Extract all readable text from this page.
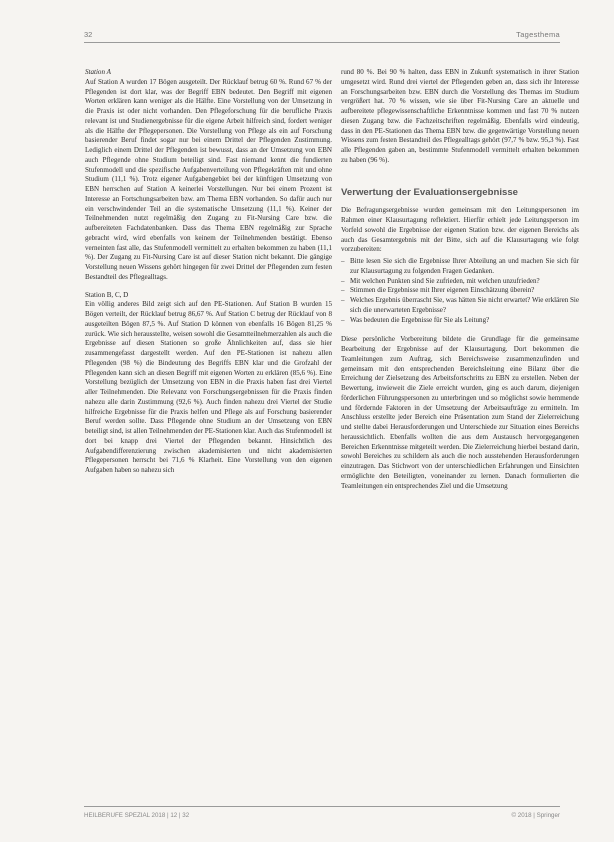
32	Tagesthema

Station A

Auf Station A wurden 17 Bögen ausgeteilt. Der Rücklauf betrug 60 %. Rund 67 % der Pflegenden ist dort klar, was der Begriff EBN bedeutet. Den Begriff mit eigenen Worten erklären kann weniger als die Hälfte. Eine Vorstellung von der Umsetzung in die Praxis ist oder nicht vorhanden. Den Pflegeforschung für die berufliche Praxis relevant ist und Studienergebnisse für die eigene Arbeit hilfreich sind, fordert weniger als die Hälfte der Pflegepersonen. Die Vorstellung von Pflege als ein auf Forschung basierender Beruf findet sogar nur bei einem Drittel der Pflegenden Zustimmung. Lediglich einem Drittel der Pflegenden ist bewusst, dass an der Umsetzung von EBN auch Pflegende ohne Studium beteiligt sind. Fast niemand kennt die fundierten Stufenmodell und die spezifische Aufgabenverteilung von Pflegekräften mit und ohne Studium (11,1 %). Trotz eigener Aufgabengebiet bei der künftigen Umsetzung von EBN herrschen auf Station A keinerlei Vorstellungen. Nur bei einem Prozent ist Interesse an Fortschungsarbeiten bzw. am Thema EBN vorhanden. So dafür auch nur ein verschwindender Teil an die systematische Umsetzung (11,1 %). Keiner der Teilnehmenden nutzt regelmäßig den Zugang zu Fit-Nursing Care bzw. die aufbereiteten Fachdatenbanken. Dass das Thema EBN regelmäßig zur Sprache gebracht wird, wird ebenfalls von keinem der Teilnehmenden bestätigt. Ebenso verneinten fast alle, das Stufenmodell vermittelt zu erhalten bekommen zu haben (11,1 %). Der Zugang zu Fit-Nursing Care ist auf dieser Station nicht bekannt. Die gängige Vorstellung neuen Wissens gehört hingegen für zwei Drittel der Pflegenden zum festen Bestandteil des Pflegealltags.

Station B, C, D

Ein völlig anderes Bild zeigt sich auf den PE-Stationen. Auf Station B wurden 15 Bögen verteilt, der Rücklauf betrug 86,67 %. Auf Station C betrug der Rücklauf von 8 ausgeteilten Bögen 87,5 %. Auf Station D können von ebenfalls 16 Bögen 81,25 % zurück. Wie sich herausstellte, weisen sowohl die Gesamtteilnehmerzahlen als auch die Ergebnisse auf diesen Stationen so große Ähnlichkeiten auf, dass sie hier zusammengefasst dargestellt werden. Auf den PE-Stationen ist nahezu allen Pflegenden (98 %) die Bindeutung des Begriffs EBN klar und die Grofzahl der Pflegenden kann sich an diesen Begriff mit eigenen Worten zu erklären (85,6 %). Eine Vorstellung bezüglich der Umsetzung von EBN in die Praxis haben fast drei Viertel aller Teilnehmenden. Die Relevanz von Forschungsergebnissen für die Praxis finden nahezu alle darin Zustimmung (92,6 %). Auch finden nahezu drei Viertel der Studie hilfreiche Ergebnisse für die Praxis helfen und Pflege als auf Forschung basierender Beruf werden sollte. Dass Pflegende ohne Studium an der Umsetzung von EBN beteiligt sind, ist allen Teilnehmenden der PE-Stationen klar. Auch das Stufenmodell ist dort bei knapp drei Viertel der Pflegenden bekannt. Hinsichtlich des Aufgabendifferenzierung zwischen akademisierten und nicht akademisierten Pflegepersonen herrscht bei 71,6 % Klarheit. Eine Vorstellung von den eigenen Aufgaben haben so nahezu sich

rund 80 %. Bei 90 % halten, dass EBN in Zukunft systematisch in ihrer Station umgesetzt wird. Rund drei viertel der Pflegenden geben an, dass sich ihr Interesse an Forschungsarbeiten bzw. EBN durch die Vorstellung des Themas im Studium vergrößert hat. 70 % wissen, wie sie über Fit-Nursing Care an aktuelle und aufbereitete pflegewissenschaftliche Erkenntnisse kommen und fast 70 % nutzen diesen Zugang bzw. die Fachzeitschriften regelmäßig. Ebenfalls wird eindeutig, dass in den PE-Stationen das Thema EBN bzw. die gegenwärtige Vorstellung neuen Wissens zum festen Bestandteil des Pflegealltags gehört (97,7 % bzw. 95,3 %). Fast alle Pflegenden gaben an, bestimmte Stufenmodell vermittelt erhalten bekommen zu haben (96 %).

Verwertung der Evaluationsergebnisse

Die Befragungsergebnisse wurden gemeinsam mit den Leitungspersonen im Rahmen einer Klausurtagung reflektiert. Hierfür erhielt jede Leitungsperson im Vorfeld sowohl die Ergebnisse der eigenen Station bzw. der eigenen Bereichs als auch das Gesamtergebnis mit der Bitte, sich auf die Klausurtagung wie folgt vorzubereiten:

– Bitte lesen Sie sich die Ergebnisse Ihrer Abteilung an und machen Sie sich für zur Klausurtagung zu folgenden Fragen Gedanken.
– Mit welchen Punkten sind Sie zufrieden, mit welchen unzufrieden?
– Stimmen die Ergebnisse mit Ihrer eigenen Einschätzung überein?
– Welches Ergebnis überrascht Sie, was hätten Sie nicht erwartet? Wie erklären Sie sich die unerwarteten Ergebnisse?
– Was bedeuten die Ergebnisse für Sie als Leitung?

Diese persönliche Vorbereitung bildete die Grundlage für die gemeinsame Bearbeitung der Ergebnisse auf der Klausurtagung. Dort bekommen die Teamleitungen zum Auftrag, sich Bereichsweise zusammenzufinden und gemeinsam mit den entsprechenden Bereichsleitung eine Bilanz über die Erreichung der Zielsetzung des Arbeitsfortschritts zu EBN zu erstellen. Neben der Bewertung, inwieweit die Ziele erreicht wurden, ging es auch darum, diejenigen förderlichen Führungspersonen zu unterbringen und so möglichst sowie hemmende und fördernde Faktoren in der Umsetzung der Arbeitsaufträge zu ermitteln. Im Anschluss erstellte jeder Bereich eine Präsentation zum Stand der Zielerreichung und stellte dabei Herausforderungen und Unterschiede zur Situation eines Bereichs heraussichtlich. Ebenfalls wollten die aus dem Austausch hervorgegangenen Bereichen Erkenntnisse mitgeteilt werden. Die Zielerreichung hierbei bestand darin, sowohl Bereiches zu schildern als auch die noch ausstehenden Herausforderungen einzutragen. Das Stichwort von der unterschiedlichen Erfahrungen und Einsichten ermöglichte den Beteiligten, voneinander zu lernen. Danach formulierten die Teamleitungen ein entsprechendes Ziel und die Umsetzung

HEILBERUFE SPEZIAL 2018 | 12 | 32	© 2018 | Springer
